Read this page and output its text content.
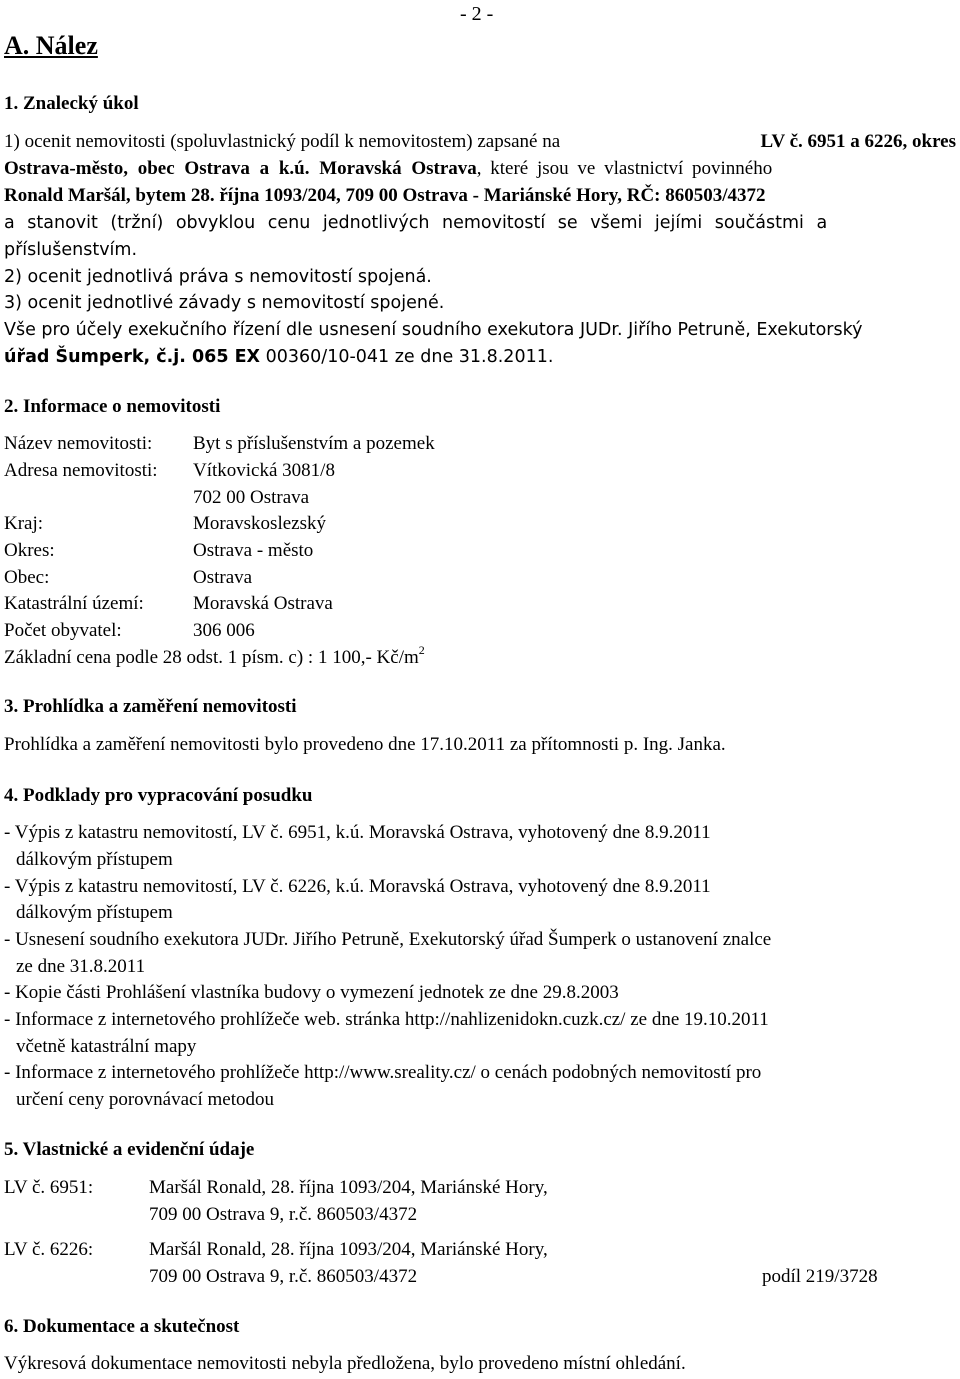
- 2 -
A. Nález
1. Znalecký úkol
1) ocenit nemovitosti (spoluvlastnický podíl k nemovitostem) zapsané na	LV č. 6951 a 6226, okres
Ostrava-město, obec Ostrava a k.ú. Moravská Ostrava , které jsou ve vlastnictví povinného
Ronald Maršál, bytem 28. října 1093/204, 709 00 Ostrava - Mariánské Hory, RČ: 860503/4372
a stanovit (tržní) obvyklou cenu jednotlivých nemovitostí se všemi jejími součástmi a
příslušenstvím.
2) ocenit jednotlivá práva s nemovitostí spojená.
3) ocenit jednotlivé závady s nemovitostí spojené.
Vše pro účely exekučního řízení dle usnesení soudního exekutora JUDr. Jiřího Petruně, Exekutorský
úřad Šumperk, č.j. 065 EX 00360/10-041 ze dne 31.8.2011.
2. Informace o nemovitosti
Název nemovitosti: Byt s příslušenstvím a pozemek
Adresa nemovitosti: Vítkovická 3081/8
702 00 Ostrava
Kraj:	Moravskoslezský
Okres:	Ostrava - město
Obec:	Ostrava
Katastrální území:	Moravská Ostrava
Počet obyvatel:	306 006
Základní cena podle 28 odst. 1 písm. c) : 1 100,- $Kč/m^2$
3. Prohlídka a zaměření nemovitosti
Prohlídka a zaměření nemovitosti bylo provedeno dne 17.10.2011 za přítomnosti p. Ing. Janka.
4. Podklady pro vypracování posudku
- Výpis z katastru nemovitostí, LV č. 6951, k.ú. Moravská Ostrava, vyhotovený dne 8.9.2011
dálkovým přístupem
- Výpis z katastru nemovitostí, LV č. 6226, k.ú. Moravská Ostrava, vyhotovený dne 8.9.2011
dálkovým přístupem
- Usnesení soudního exekutora JUDr. Jiřího Petruně, Exekutorský úřad Šumperk o ustanovení znalce
ze dne 31.8.2011
- Kopie části Prohlášení vlastníka budovy o vymezení jednotek ze dne 29.8.2003
- Informace z internetového prohlížeče web. stránka http://nahlizenidokn.cuzk.cz/ ze dne 19.10.2011
včetně katastrální mapy
- Informace z internetového prohlížeče http://www.sreality.cz/ o cenách podobných nemovitostí pro
určení ceny porovnávací metodou
5. Vlastnické a evidenční údaje
LV č. 6951:	Maršál Ronald, 28. října 1093/204, Mariánské Hory,
709 00 Ostrava 9, r.č. 860503/4372
LV č. 6226:	Maršál Ronald, 28. října 1093/204, Mariánské Hory,
709 00 Ostrava 9, r.č. 860503/4372	podíl 219/3728
6. Dokumentace a skutečnost
Výkresová dokumentace nemovitosti nebyla předložena, bylo provedeno místní ohledání.
